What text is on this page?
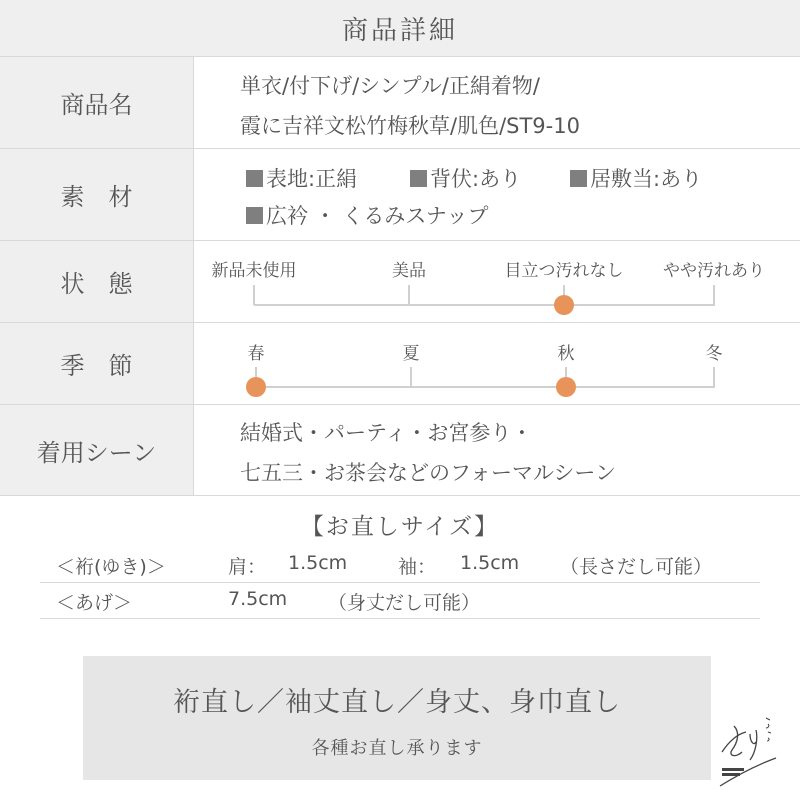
商品詳細
商品名
単衣/付下げ/シンプル/正絹着物/
霞に吉祥文松竹梅秋草/肌色/ST9-10
素　材
表地:正絹	背伏:あり	居敷当:あり
広衿 ・ くるみスナップ
状　態	新品未使用	美品	目立つ汚れなし やや汚れあり
季　節	春	夏	秋	冬
着用シーン
結婚式・パーティ・お宮参り・
七五三・お茶会などのフォーマルシーン
【お直しサイズ】
＜裄(ゆき)＞	肩： 1.5cm	袖： 1.5cm （長さだし可能）
＜あげ＞	7.5cm （身丈だし可能）
裄直し／袖丈直し／身丈、身巾直し
各種お直し承ります
